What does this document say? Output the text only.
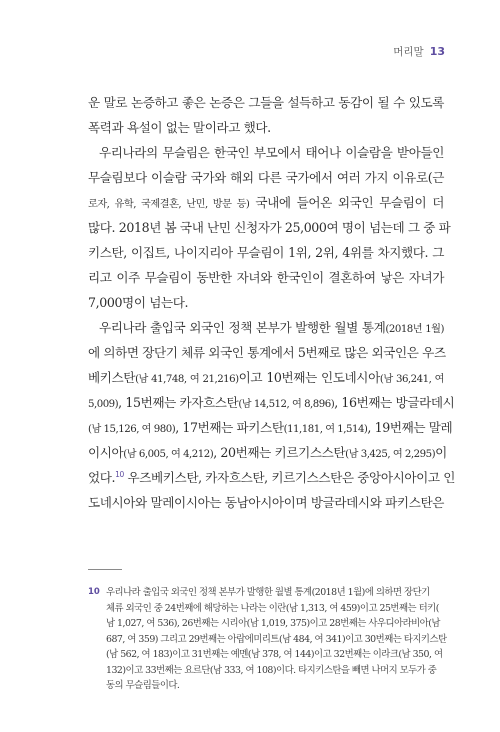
머리말 13
운 말로 논증하고 좋은 논증은 그들을 설득하고 동감이 될 수 있도록
폭력과 욕설이 없는 말이라고 했다.
우리나라의 무슬림은 한국인 부모에서 태어나 이슬람을 받아들인
무슬림보다 이슬람 국가와 해외 다른 국가에서 여러 가지 이유로(근
로자, 유학, 국제결혼, 난민, 방문 등) 국내에 들어온 외국인 무슬림이 더
많다. 2018년 봄 국내 난민 신청자가 25,000여 명이 넘는데 그 중 파
키스탄, 이집트, 나이지리아 무슬림이 1위, 2위, 4위를 차지했다. 그
리고 이주 무슬림이 동반한 자녀와 한국인이 결혼하여 낳은 자녀가
7,000명이 넘는다.
우리나라 출입국 외국인 정책 본부가 발행한 월별 통계(2018년 1월)
에 의하면 장단기 체류 외국인 통계에서 5번째로 많은 외국인은 우즈
베키스탄(남 41,748, 여 21,216)이고 10번째는 인도네시아(남 36,241, 여
5,009), 15번째는 카자흐스탄(남 14,512, 여 8,896), 16번째는 방글라데시
(남 15,126, 여 980), 17번째는 파키스탄(11,181, 여 1,514), 19번째는 말레
이시아(남 6,005, 여 4,212), 20번째는 키르기스스탄(남 3,425, 여 2,295)이
었다.$^{10}$ 우즈베키스탄, 카자흐스탄, 키르기스스탄은 중앙아시아이고 인
도네시아와 말레이시아는 동남아시아이며 방글라데시와 파키스탄은
10 우리나라 출입국 외국인 정책 본부가 발행한 월별 통계(2018년 1월)에 의하면 장단기
체류 외국인 중 24번째에 해당하는 나라는 이란(남 1,313, 여 459)이고 25번째는 터키(
남 1,027, 여 536), 26번째는 시리아(남 1,019, 375)이고 28번째는 사우디아라비아(남
687, 여 359) 그리고 29번째는 아랍에미리트(남 484, 여 341)이고 30번째는 타지키스탄
(남 562, 여 183)이고 31번째는 예멘(남 378, 여 144)이고 32번째는 이라크(남 350, 여
132)이고 33번째는 요르단(남 333, 여 108)이다. 타지키스탄을 빼면 나머지 모두가 중
동의 무슬림들이다.
